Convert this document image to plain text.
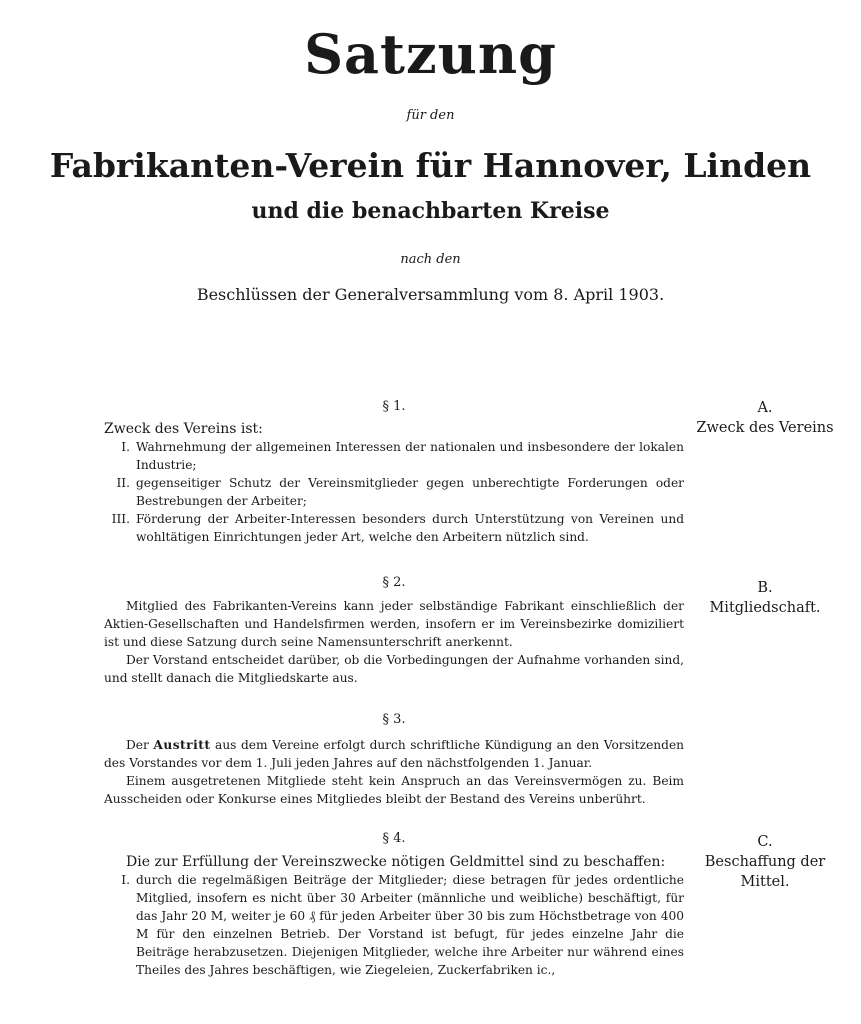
Satzung
für den
Fabrikanten-Verein für Hannover, Linden
und die benachbarten Kreise
nach den
Beschlüssen der Generalversammlung vom 8. April 1903.
§ 1.	A.
Zweck des Vereins
Zweck des Vereins ist:
I. Wahrnehmung der allgemeinen Interessen der nationalen und insbesondere der lokalen Industrie;
II. gegenseitiger Schutz der Vereinsmitglieder gegen unberechtigte Forderungen oder Bestrebungen der Arbeiter;
III. Förderung der Arbeiter-Interessen besonders durch Unterstützung von Vereinen und wohltätigen Einrichtungen jeder Art, welche den Arbeitern nützlich sind.
§ 2.	B.
Mitgliedschaft.
Mitglied des Fabrikanten-Vereins kann jeder selbständige Fabrikant einschließlich der Aktien-Gesellschaften und Handelsfirmen werden, insofern er im Vereinsbezirke domiziliert ist und diese Satzung durch seine Namensunterschrift anerkennt.
Der Vorstand entscheidet darüber, ob die Vorbedingungen der Aufnahme vorhanden sind, und stellt danach die Mitgliedskarte aus.
§ 3.
Der Austritt aus dem Vereine erfolgt durch schriftliche Kündigung an den Vorsitzenden des Vorstandes vor dem 1. Juli jeden Jahres auf den nächstfolgenden 1. Januar.
Einem ausgetretenen Mitgliede steht kein Anspruch an das Vereinsvermögen zu. Beim Ausscheiden oder Konkurse eines Mitgliedes bleibt der Bestand des Vereins unberührt.
§ 4.	C.
Beschaffung der Mittel.
Die zur Erfüllung der Vereinszwecke nötigen Geldmittel sind zu beschaffen:
I. durch die regelmäßigen Beiträge der Mitglieder; diese betragen für jedes ordentliche Mitglied, insofern es nicht über 30 Arbeiter (männliche und weibliche) beschäftigt, für das Jahr 20 M, weiter je 60 ₰ für jeden Arbeiter über 30 bis zum Höchstbetrage von 400 M für den einzelnen Betrieb. Der Vorstand ist befugt, für jedes einzelne Jahr die Beiträge herabzusetzen. Diejenigen Mitglieder, welche ihre Arbeiter nur während eines Theiles des Jahres beschäftigen, wie Ziegeleien, Zuckerfabriken ic.,
